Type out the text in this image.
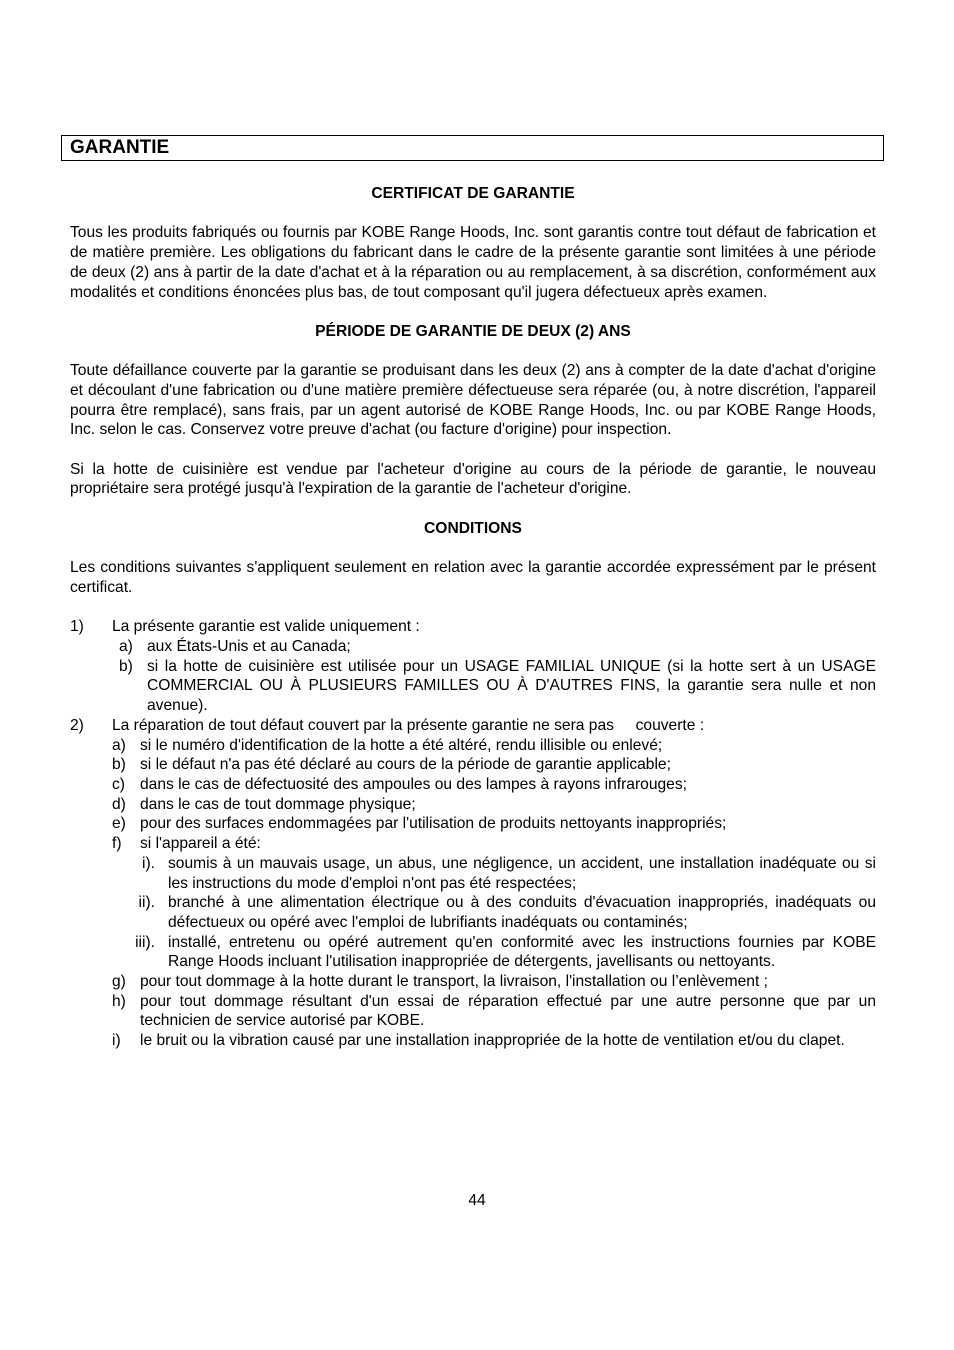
GARANTIE

CERTIFICAT DE GARANTIE

Tous les produits fabriqués ou fournis par KOBE Range Hoods, Inc. sont garantis contre tout défaut de fabrication et de matière première. Les obligations du fabricant dans le cadre de la présente garantie sont limitées à une période de deux (2) ans à partir de la date d'achat et à la réparation ou au remplacement, à sa discrétion, conformément aux modalités et conditions énoncées plus bas, de tout composant qu'il jugera défectueux après examen.

PÉRIODE DE GARANTIE DE DEUX (2) ANS

Toute défaillance couverte par la garantie se produisant dans les deux (2) ans à compter de la date d'achat d'origine et découlant d'une fabrication ou d'une matière première défectueuse sera réparée (ou, à notre discrétion, l'appareil pourra être remplacé), sans frais, par un agent autorisé de KOBE Range Hoods, Inc. ou par KOBE Range Hoods, Inc. selon le cas. Conservez votre preuve d'achat (ou facture d'origine) pour inspection.

Si la hotte de cuisinière est vendue par l'acheteur d'origine au cours de la période de garantie, le nouveau propriétaire sera protégé jusqu'à l'expiration de la garantie de l'acheteur d'origine.

CONDITIONS

Les conditions suivantes s'appliquent seulement en relation avec la garantie accordée expressément par le présent certificat.

1) La présente garantie est valide uniquement :
a) aux États-Unis et au Canada;
b) si la hotte de cuisinière est utilisée pour un USAGE FAMILIAL UNIQUE (si la hotte sert à un USAGE COMMERCIAL OU À PLUSIEURS FAMILLES OU À D'AUTRES FINS, la garantie sera nulle et non avenue).
2) La réparation de tout défaut couvert par la présente garantie ne sera pas     couverte :
a) si le numéro d'identification de la hotte a été altéré, rendu illisible ou enlevé;
b) si le défaut n'a pas été déclaré au cours de la période de garantie applicable;
c) dans le cas de défectuosité des ampoules ou des lampes à rayons infrarouges;
d) dans le cas de tout dommage physique;
e) pour des surfaces endommagées par l'utilisation de produits nettoyants inappropriés;
f) si l'appareil a été:
i). soumis à un mauvais usage, un abus, une négligence, un accident, une installation inadéquate ou si les instructions du mode d'emploi n'ont pas été respectées;
ii). branché à une alimentation électrique ou à des conduits d'évacuation inappropriés, inadéquats ou défectueux ou opéré avec l'emploi de lubrifiants inadéquats ou contaminés;
iii). installé, entretenu ou opéré autrement qu'en conformité avec les instructions fournies par KOBE Range Hoods incluant l'utilisation inappropriée de détergents, javellisants ou nettoyants.
g) pour tout dommage à la hotte durant le transport, la livraison, l'installation ou l’enlèvement ;
h) pour tout dommage résultant d'un essai de réparation effectué par une autre personne que par un technicien de service autorisé par KOBE.
i) le bruit ou la vibration causé par une installation inappropriée de la hotte de ventilation et/ou du clapet.
44
